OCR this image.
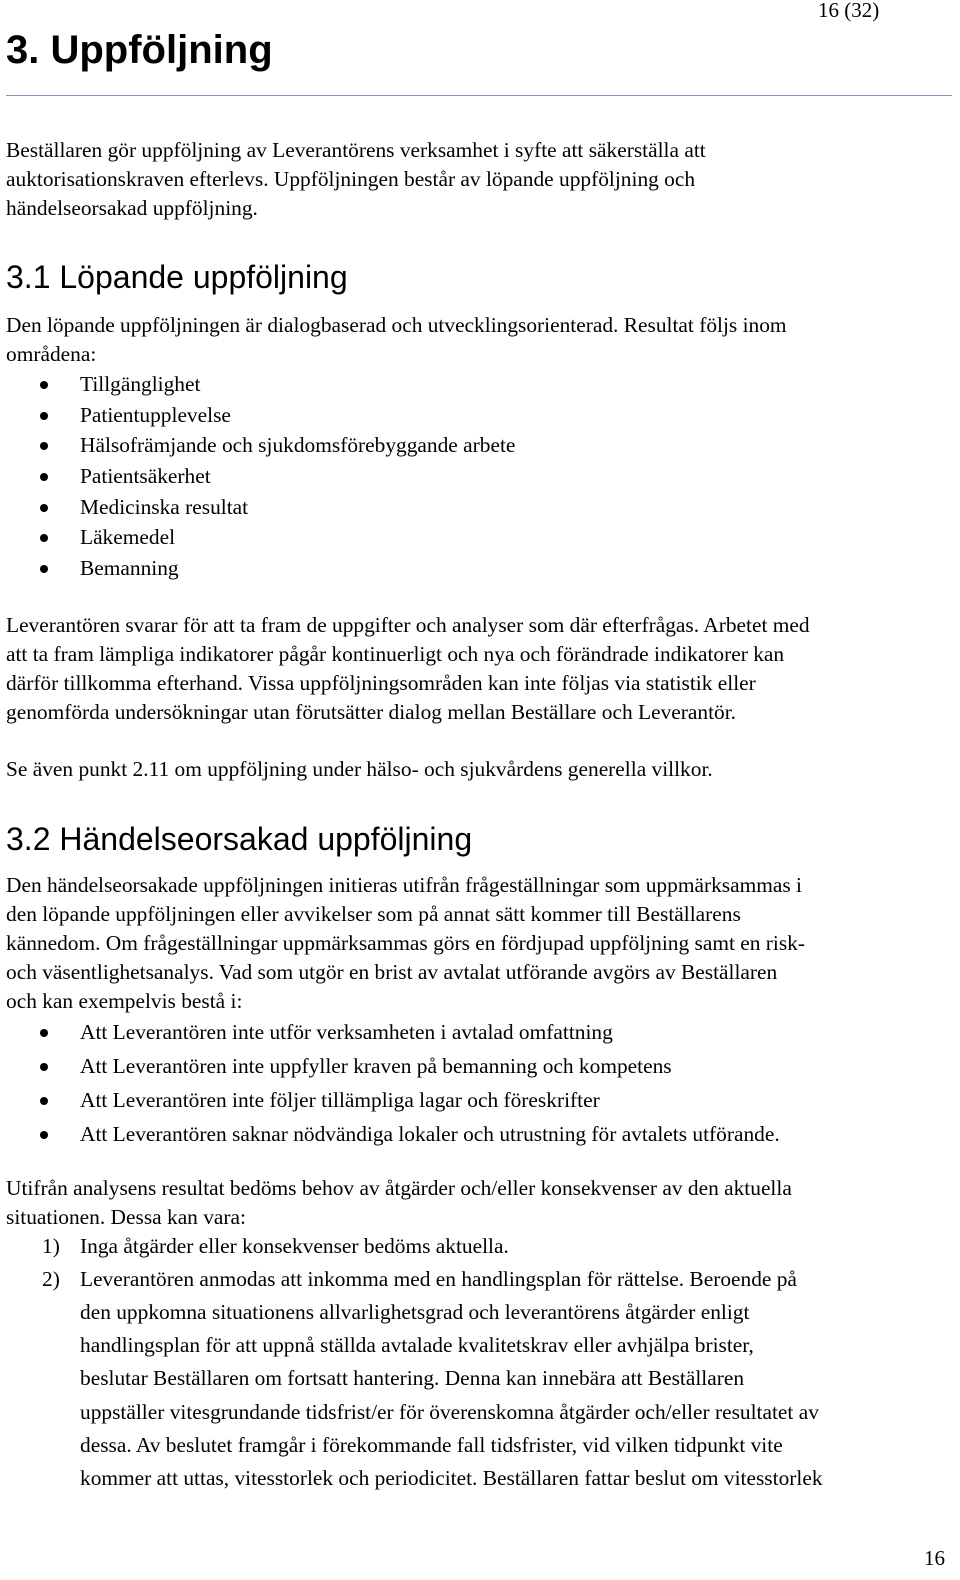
16 (32)
3. Uppföljning

Beställaren gör uppföljning av Leverantörens verksamhet i syfte att säkerställa att

auktorisationskraven efterlevs. Uppföljningen består av löpande uppföljning och

händelseorsakad uppföljning.

3.1 Löpande uppföljning

Den löpande uppföljningen är dialogbaserad och utvecklingsorienterad. Resultat följs inom

områdena:

Tillgänglighet
Patientupplevelse
Hälsofrämjande och sjukdomsförebyggande arbete
Patientsäkerhet
Medicinska resultat
Läkemedel
Bemanning

Leverantören svarar för att ta fram de uppgifter och analyser som där efterfrågas. Arbetet med

att ta fram lämpliga indikatorer pågår kontinuerligt och nya och förändrade indikatorer kan

därför tillkomma efterhand. Vissa uppföljningsområden kan inte följas via statistik eller

genomförda undersökningar utan förutsätter dialog mellan Beställare och Leverantör.

Se även punkt 2.11 om uppföljning under hälso- och sjukvårdens generella villkor.

3.2 Händelseorsakad uppföljning

Den händelseorsakade uppföljningen initieras utifrån frågeställningar som uppmärksammas i

den löpande uppföljningen eller avvikelser som på annat sätt kommer till Beställarens

kännedom. Om frågeställningar uppmärksammas görs en fördjupad uppföljning samt en risk-

och väsentlighetsanalys. Vad som utgör en brist av avtalat utförande avgörs av Beställaren

och kan exempelvis bestå i:

Att Leverantören inte utför verksamheten i avtalad omfattning
Att Leverantören inte uppfyller kraven på bemanning och kompetens
Att Leverantören inte följer tillämpliga lagar och föreskrifter
Att Leverantören saknar nödvändiga lokaler och utrustning för avtalets utförande.

Utifrån analysens resultat bedöms behov av åtgärder och/eller konsekvenser av den aktuella

situationen. Dessa kan vara:

1) Inga åtgärder eller konsekvenser bedöms aktuella.

2) Leverantören anmodas att inkomma med en handlingsplan för rättelse. Beroende på

den uppkomna situationens allvarlighetsgrad och leverantörens åtgärder enligt

handlingsplan för att uppnå ställda avtalade kvalitetskrav eller avhjälpa brister,

beslutar Beställaren om fortsatt hantering. Denna kan innebära att Beställaren

uppställer vitesgrundande tidsfrist/er för överenskomna åtgärder och/eller resultatet av

dessa. Av beslutet framgår i förekommande fall tidsfrister, vid vilken tidpunkt vite

kommer att uttas, vitesstorlek och periodicitet. Beställaren fattar beslut om vitesstorlek

16
